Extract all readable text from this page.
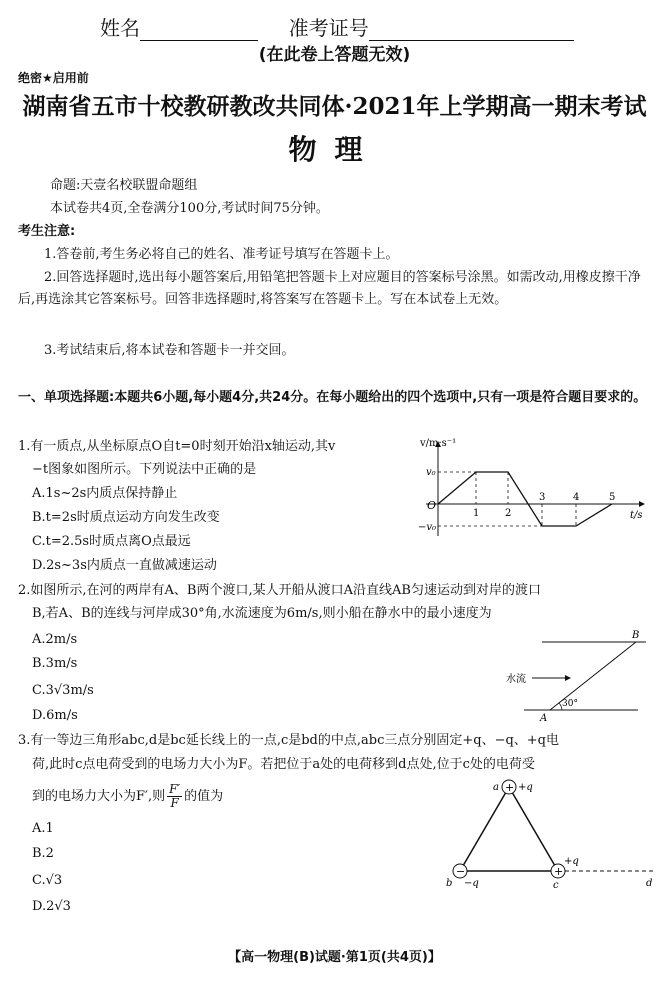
姓名	准考证号
(在此卷上答题无效)
绝密★启用前
湖南省五市十校教研教改共同体·2021年上学期高一期末考试
物理
命题:天壹名校联盟命题组
本试卷共4页,全卷满分100分,考试时间75分钟。
考生注意:
1.答卷前,考生务必将自己的姓名、准考证号填写在答题卡上。
2.回答选择题时,选出每小题答案后,用铅笔把答题卡上对应题目的答案标号涂黑。如需改动,用橡皮擦干净后,再选涂其它答案标号。回答非选择题时,将答案写在答题卡上。写在本试卷上无效。
3.考试结束后,将本试卷和答题卡一并交回。
一、单项选择题:本题共6小题,每小题4分,共24分。在每小题给出的四个选项中,只有一项是符合题目要求的。
1.有一质点,从坐标原点O自t=0时刻开始沿x轴运动,其v
−t图象如图所示。下列说法中正确的是
A.1s~2s内质点保持静止
B.t=2s时质点运动方向发生改变
C.t=2.5s时质点离O点最远
D.2s~3s内质点一直做减速运动
v/m·s⁻¹
t/s
O
v₀
−v₀
1	2
3	4	5
2.如图所示,在河的两岸有A、B两个渡口,某人开船从渡口A沿直线AB匀速运动到对岸的渡口
B,若A、B的连线与河岸成30°角,水流速度为6m/s,则小船在静水中的最小速度为
A.2m/s
B.3m/s
C.3√3m/s
D.6m/s
B
A
水流
30°
3.有一等边三角形abc,d是bc延长线上的一点,c是bd的中点,abc三点分别固定+q、−q、+q电
荷,此时c点电荷受到的电场力大小为F。若把位于a处的电荷移到d点处,位于c处的电荷受
到的电场力大小为F′,则 $\frac{F'}{F}$ 的值为
A.1
B.2
C.√3
D.2√3
+
−	+
a +q
b −q	c
+q
d
【高一物理(B)试题·第1页(共4页)】
